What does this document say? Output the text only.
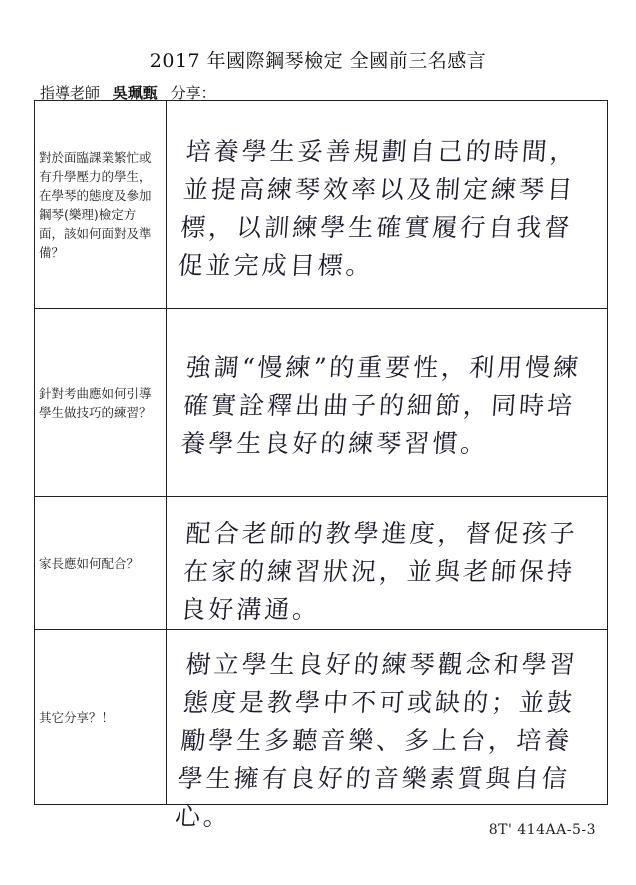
2017 年國際鋼琴檢定 全國前三名感言
指導老師 吳珮甄 分享：
對於面臨課業繁忙或有升學壓力的學生，在學琴的態度及參加鋼琴(樂理)檢定方面，該如何面對及準備？
培養學生妥善規劃自己的時間，並提高練琴效率以及制定練琴目標，以訓練學生確實履行自我督促並完成目標。
針對考曲應如何引導學生做技巧的練習？
強調“慢練”的重要性，利用慢練確實詮釋出曲子的細節，同時培養學生良好的練琴習慣。
家長應如何配合？
配合老師的教學進度，督促孩子在家的練習狀況，並與老師保持良好溝通。
其它分享？！
樹立學生良好的練琴觀念和學習態度是教學中不可或缺的；並鼓勵學生多聽音樂、多上台，培養學生擁有良好的音樂素質與自信心。	8T' 414AA-5-3
